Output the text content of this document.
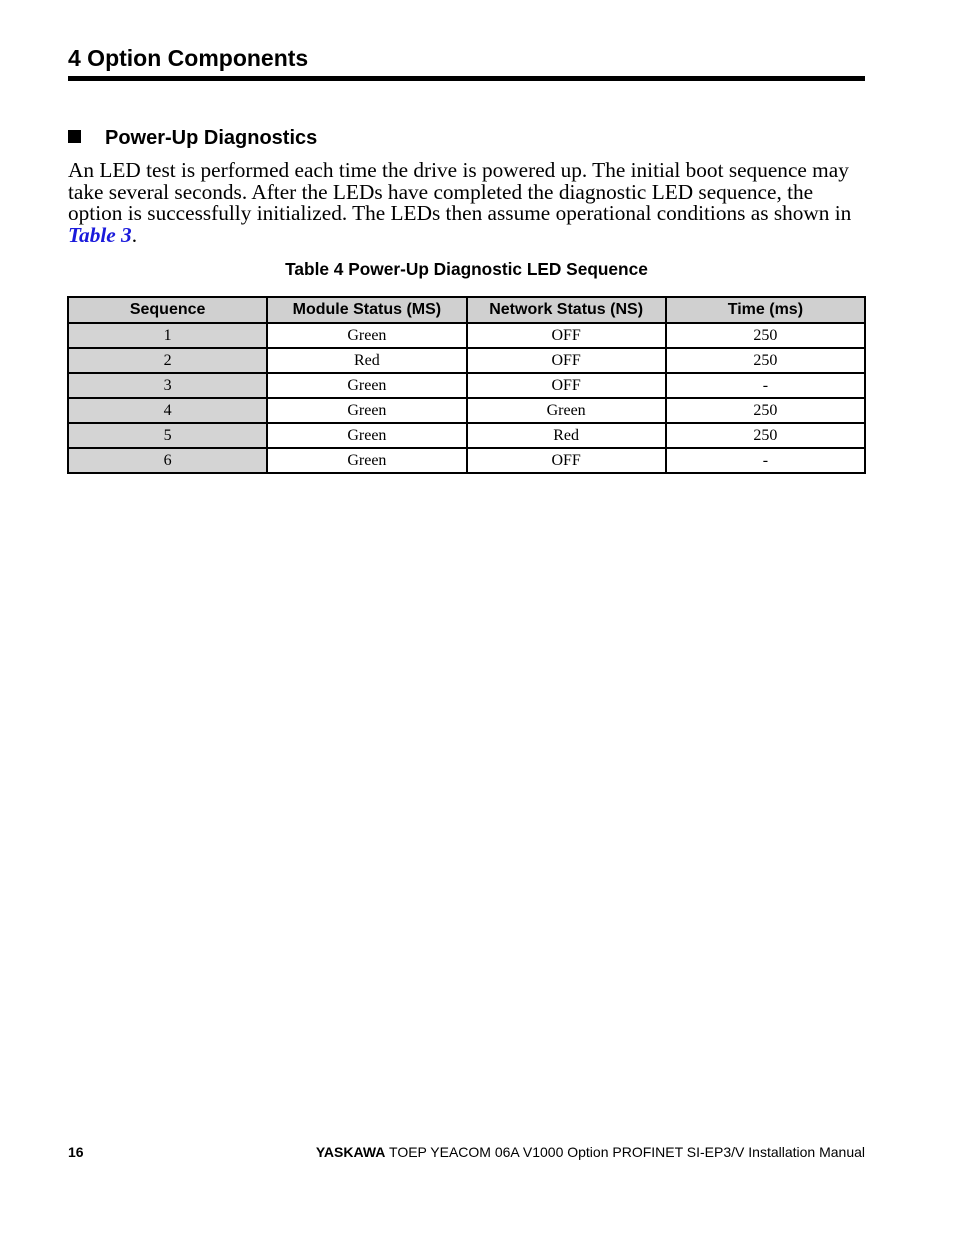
4 Option Components
Power-Up Diagnostics

An LED test is performed each time the drive is powered up. The initial boot sequence may take several seconds. After the LEDs have completed the diagnostic LED sequence, the option is successfully initialized. The LEDs then assume operational conditions as shown in Table 3.

Table 4 Power-Up Diagnostic LED Sequence
Sequence	Module Status (MS)	Network Status (NS)	Time (ms)
1	Green	OFF	250
2	Red	OFF	250
3	Green	OFF	-
4	Green	Green	250
5	Green	Red	250
6	Green	OFF	-
16	YASKAWA TOEP YEACOM 06A V1000 Option PROFINET SI-EP3/V Installation Manual
